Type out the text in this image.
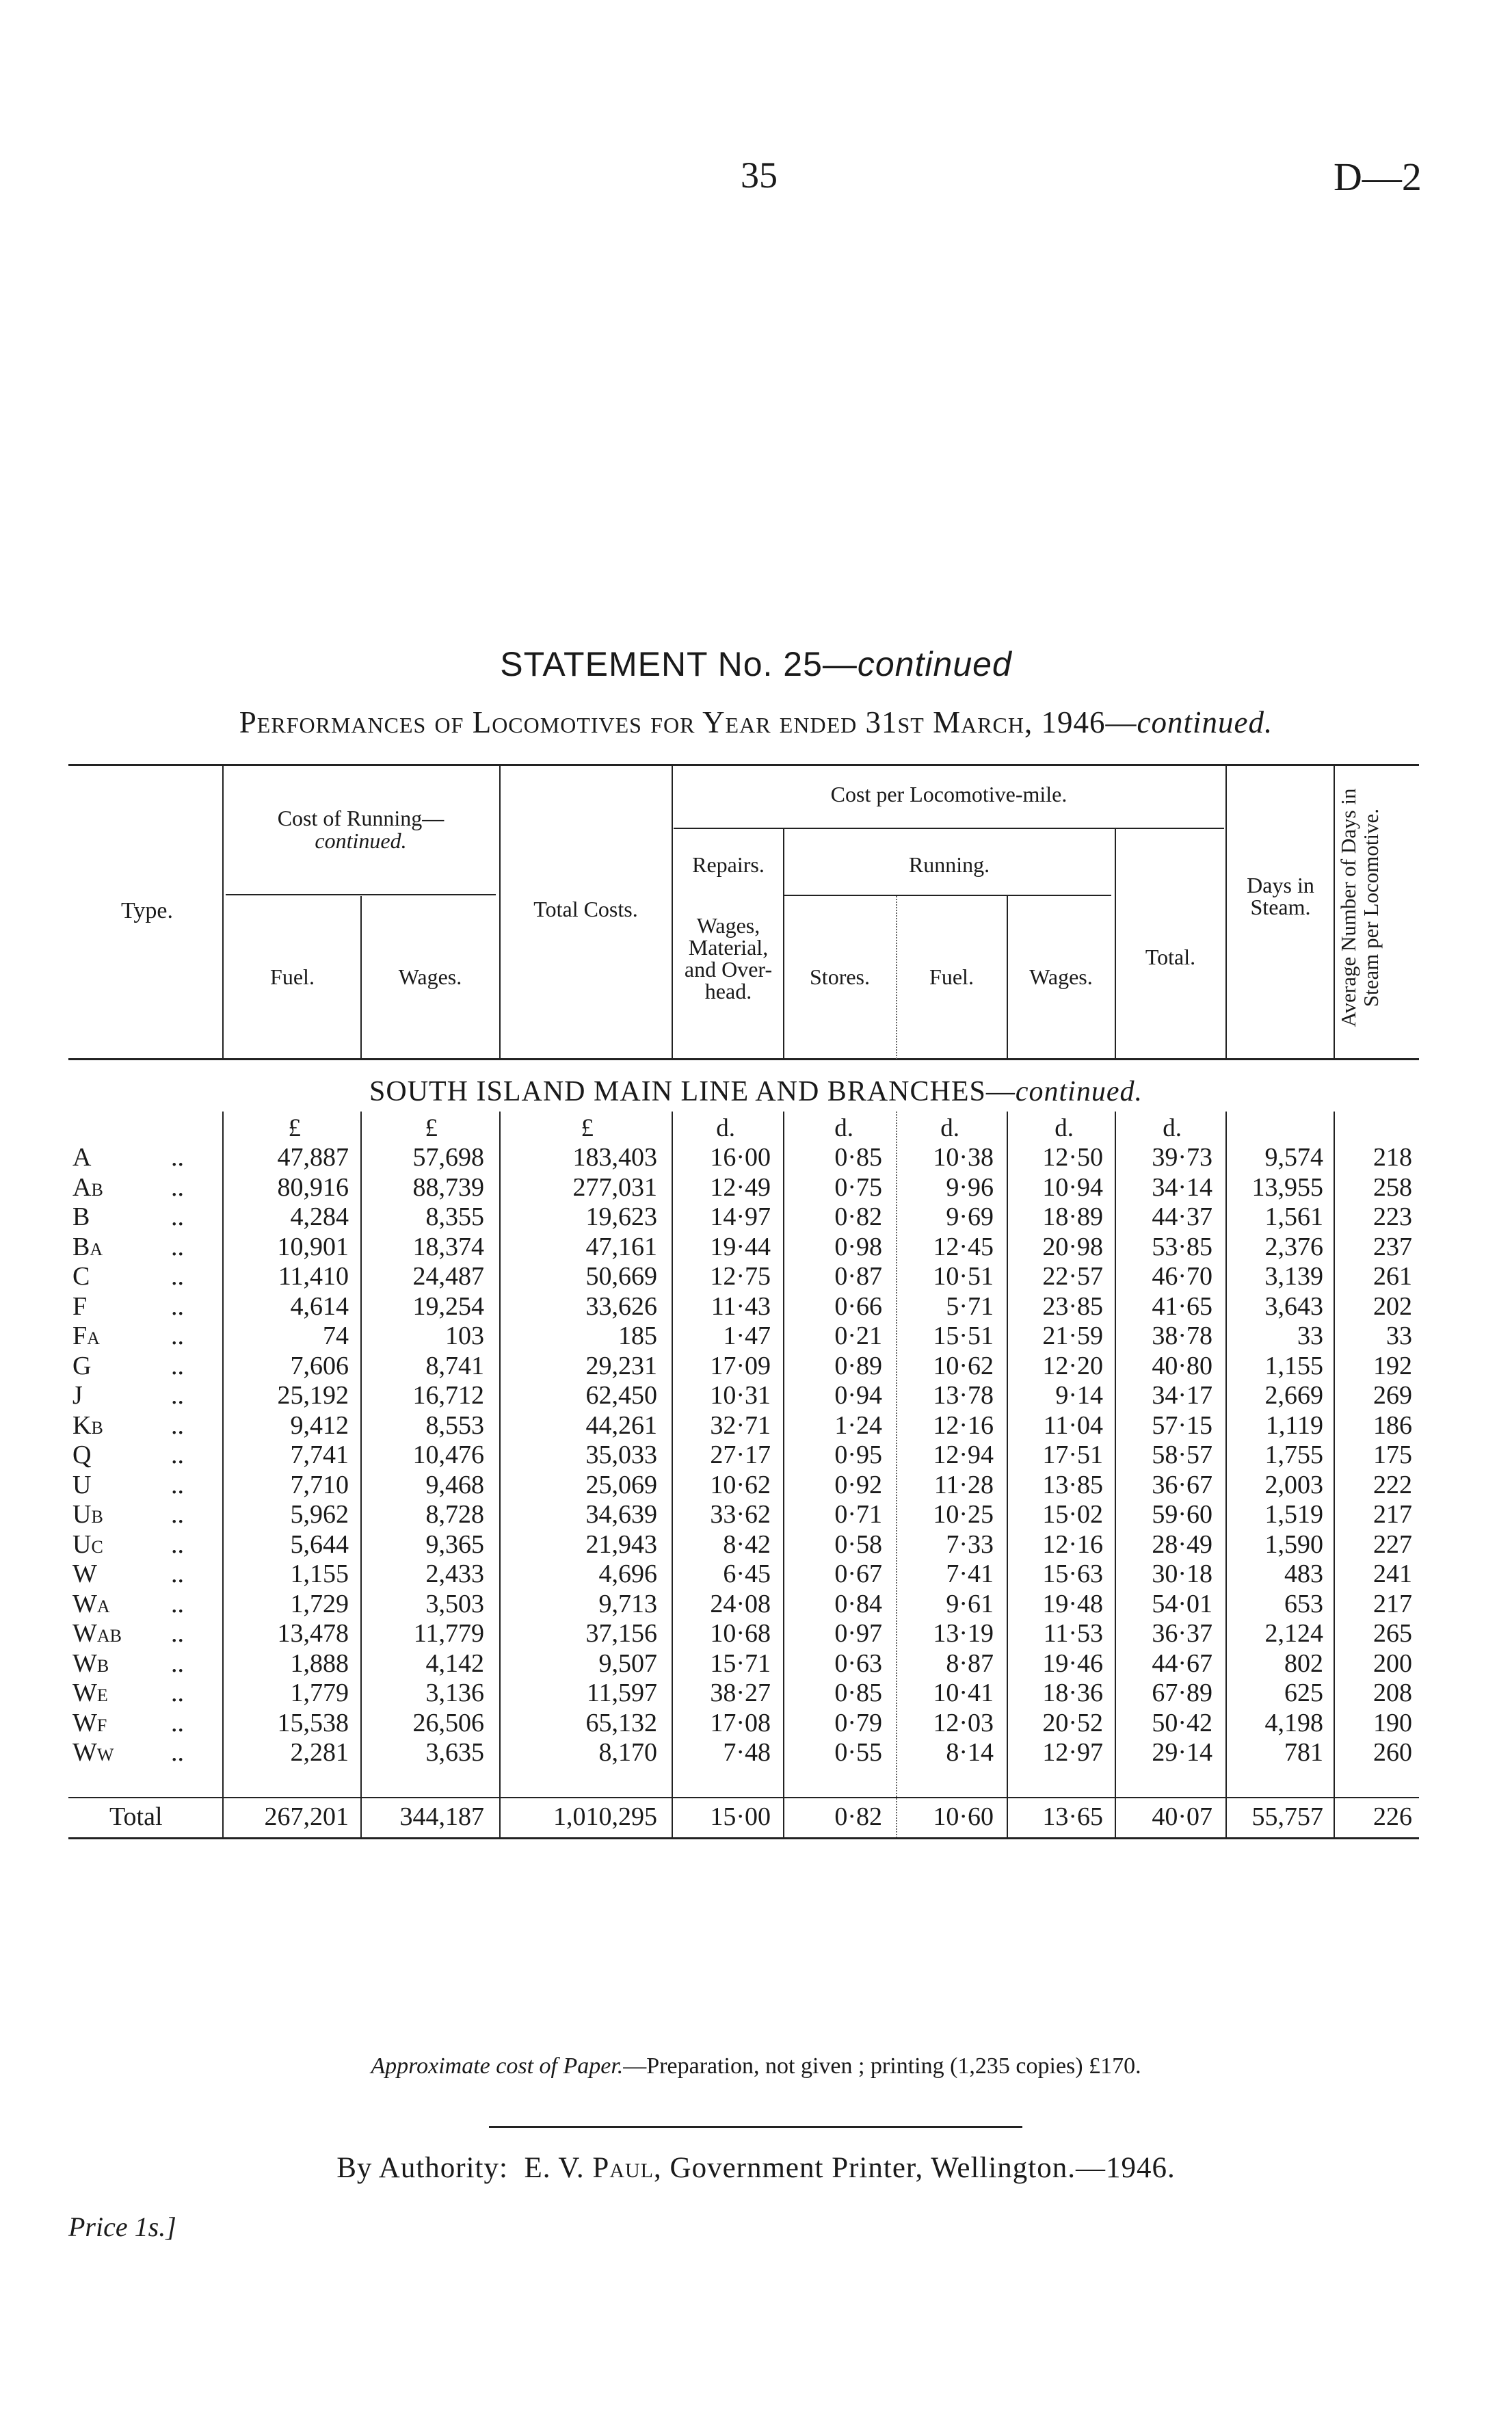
35	D—2
STATEMENT No. 25—continued
Performances of Locomotives for Year ended 31st March, 1946—continued.
Type.
Cost of Running—
continued.
Fuel.	Wages.
Total Costs.
Cost per Locomotive-mile.
Repairs.	Running.
Wages, Material, and Over- head.
Stores.	Fuel.	Wages.
Total.
Days in Steam.	Average Number of Days in Steam per Locomotive.
SOUTH ISLAND MAIN LINE AND BRANCHES—continued.
£	£	£	d.	d.	d.	d.	d.
A	..	47,887	57,698	183,403	16·00	0·85	10·38	12·50	39·73	9,574	218
AB	..	80,916	88,739	277,031	12·49	0·75	9·96	10·94	34·14	13,955	258
B	..	4,284	8,355	19,623	14·97	0·82	9·69	18·89	44·37	1,561	223
BA	..	10,901	18,374	47,161	19·44	0·98	12·45	20·98	53·85	2,376	237
C	..	11,410	24,487	50,669	12·75	0·87	10·51	22·57	46·70	3,139	261
F	..	4,614	19,254	33,626	11·43	0·66	5·71	23·85	41·65	3,643	202
FA	..	74	103	185	1·47	0·21	15·51	21·59	38·78	33	33
G	..	7,606	8,741	29,231	17·09	0·89	10·62	12·20	40·80	1,155	192
J	..	25,192	16,712	62,450	10·31	0·94	13·78	9·14	34·17	2,669	269
KB	..	9,412	8,553	44,261	32·71	1·24	12·16	11·04	57·15	1,119	186
Q	..	7,741	10,476	35,033	27·17	0·95	12·94	17·51	58·57	1,755	175
U	..	7,710	9,468	25,069	10·62	0·92	11·28	13·85	36·67	2,003	222
UB	..	5,962	8,728	34,639	33·62	0·71	10·25	15·02	59·60	1,519	217
UC	..	5,644	9,365	21,943	8·42	0·58	7·33	12·16	28·49	1,590	227
W	..	1,155	2,433	4,696	6·45	0·67	7·41	15·63	30·18	483	241
WA ..	1,729	3,503	9,713	24·08	0·84	9·61	19·48	54·01	653	217
WAB ..	13,478	11,779	37,156	10·68	0·97	13·19	11·53	36·37	2,124	265
WB ..	1,888	4,142	9,507	15·71	0·63	8·87	19·46	44·67	802	200
WE ..	1,779	3,136	11,597	38·27	0·85	10·41	18·36	67·89	625	208
WF ..	15,538	26,506	65,132	17·08	0·79	12·03	20·52	50·42	4,198	190
WW ..	2,281	3,635	8,170	7·48	0·55	8·14	12·97	29·14	781	260
Total	267,201	344,187	1,010,295	15·00	0·82	10·60	13·65	40·07	55,757	226
Approximate cost of Paper.—Preparation, not given ; printing (1,235 copies) £170.
By Authority:  E. V. Paul, Government Printer, Wellington.—1946.
Price 1s.]
